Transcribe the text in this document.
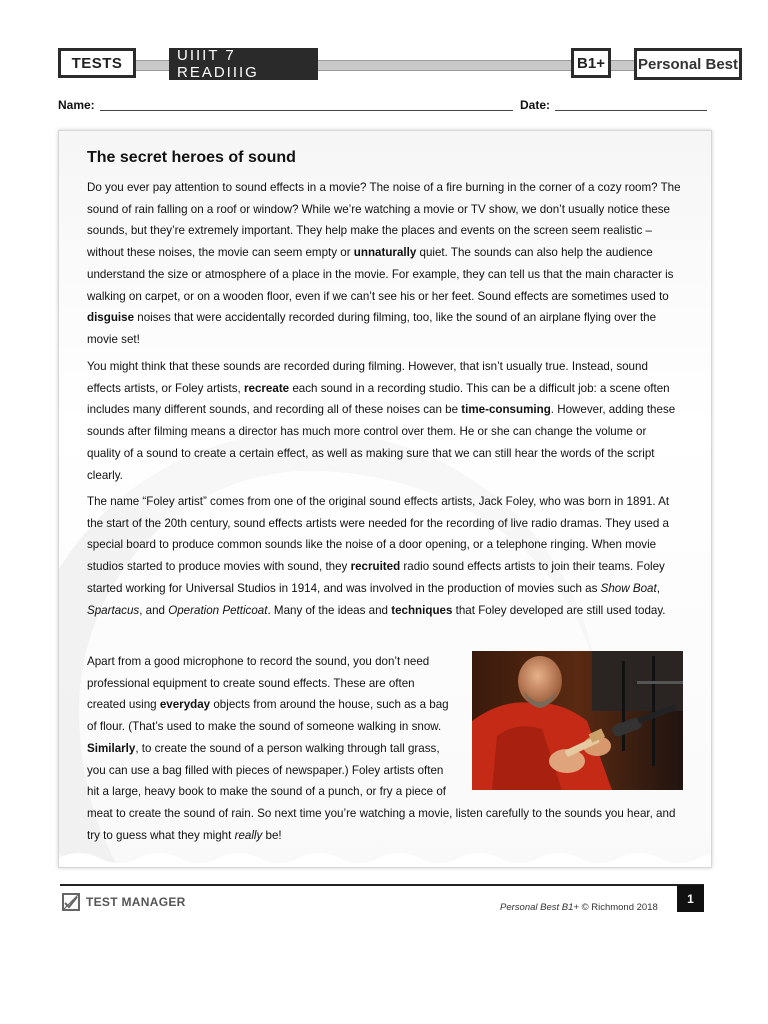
TESTS	UIIIT 7 READIIIG
B1+	Personal Best
Name:	Date:
The secret heroes of sound
Do you ever pay attention to sound effects in a movie? The noise of a fire burning in the corner of a cozy room? The sound of rain falling on a roof or window? While we’re watching a movie or TV show, we don’t usually notice these sounds, but they’re extremely important. They help make the places and events on the screen seem realistic – without these noises, the movie can seem empty or unnaturally quiet. The sounds can also help the audience understand the size or atmosphere of a place in the movie. For example, they can tell us that the main character is walking on carpet, or on a wooden floor, even if we can’t see his or her feet. Sound effects are sometimes used to disguise noises that were accidentally recorded during filming, too, like the sound of an airplane flying over the movie set!
You might think that these sounds are recorded during filming. However, that isn’t usually true. Instead, sound effects artists, or Foley artists, recreate each sound in a recording studio. This can be a difficult job: a scene often includes many different sounds, and recording all of these noises can be time-consuming. However, adding these sounds after filming means a director has much more control over them. He or she can change the volume or quality of a sound to create a certain effect, as well as making sure that we can still hear the words of the script clearly.
The name “Foley artist” comes from one of the original sound effects artists, Jack Foley, who was born in 1891. At the start of the 20th century, sound effects artists were needed for the recording of live radio dramas. They used a special board to produce common sounds like the noise of a door opening, or a telephone ringing. When movie studios started to produce movies with sound, they recruited radio sound effects artists to join their teams. Foley started working for Universal Studios in 1914, and was involved in the production of movies such as Show Boat, Spartacus, and Operation Petticoat. Many of the ideas and techniques that Foley developed are still used today.
Apart from a good microphone to record the sound, you don’t need professional equipment to create sound effects. These are often created using everyday objects from around the house, such as a bag of flour. (That’s used to make the sound of someone walking in snow. Similarly, to create the sound of a person walking through tall grass, you can use a bag filled with pieces of newspaper.) Foley artists often hit a large, heavy book to make the sound of a punch, or fry a piece of meat to create the sound of rain. So next time you’re watching a movie, listen carefully to the sounds you hear, and try to guess what they might really be!
TEST MANAGER	Personal Best B1+ © Richmond 2018
1
